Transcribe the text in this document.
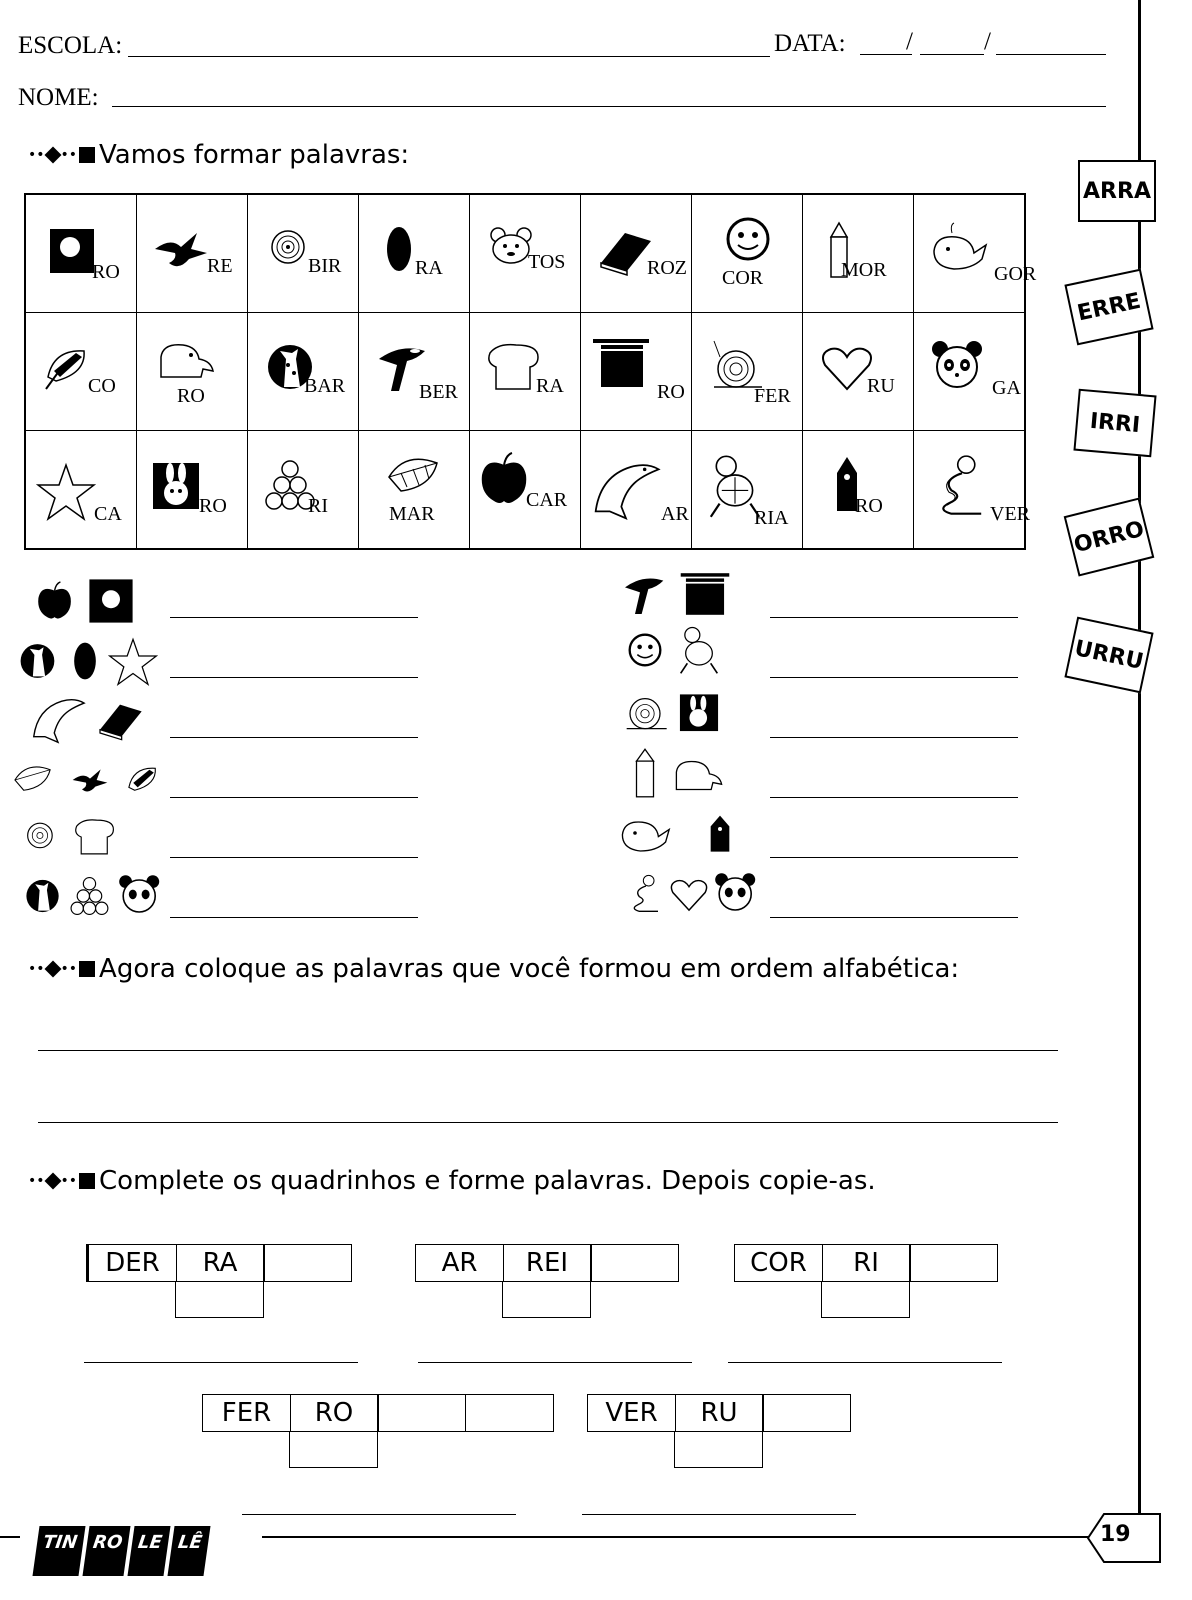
ESCOLA:	DATA: /	/
NOME:
•• •• Vamos formar palavras:
RO	RE	BIR	RA	TOS	ROZ	COR	MOR	GOR

CO	RO	BAR	BER	RA	RO	FER	RU	GA

CA	RO	RI	MAR	CAR	AR	RIA	RO	VER
ARRA
ERRE
IRRI
ORRO
URRU
•• •• Agora coloque as palavras que você formou em ordem alfabética:
•• •• Complete os quadrinhos e forme palavras. Depois copie-as.
DER	RA	AR	REI	COR	RI
FER	RO	VER	RU
TIN RO LE LÊ	19
